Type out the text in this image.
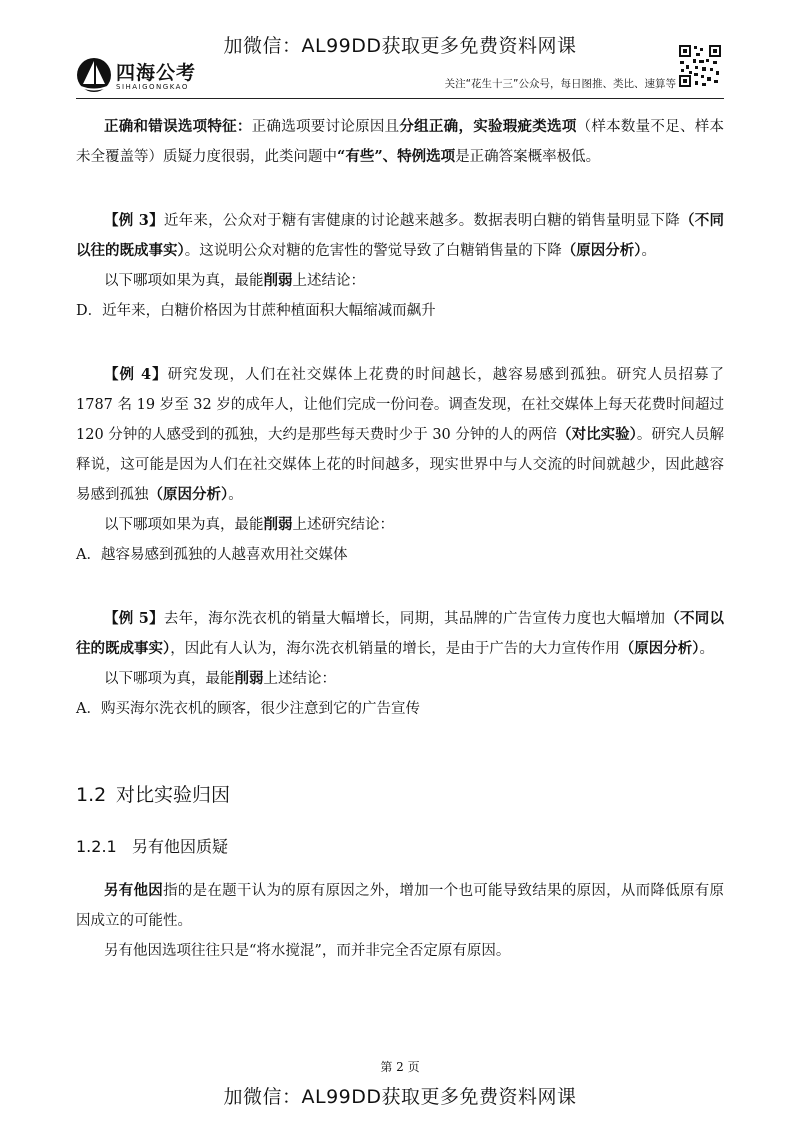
加微信：AL99DD获取更多免费资料网课
四海公考
SIHAIGONGKAO	关注“花生十三”公众号，每日图推、类比、速算等

正确和错误选项特征：正确选项要讨论原因且分组正确，实验瑕疵类选项（样本数量不足、样本未全覆盖等）质疑力度很弱，此类问题中“有些”、特例选项是正确答案概率极低。

【例 3】近年来，公众对于糖有害健康的讨论越来越多。数据表明白糖的销售量明显下降（不同以往的既成事实）。这说明公众对糖的危害性的警觉导致了白糖销售量的下降（原因分析）。

以下哪项如果为真，最能削弱上述结论：

D．近年来，白糖价格因为甘蔗种植面积大幅缩减而飙升

【例 4】研究发现，人们在社交媒体上花费的时间越长，越容易感到孤独。研究人员招募了 1787 名 19 岁至 32 岁的成年人，让他们完成一份问卷。调查发现，在社交媒体上每天花费时间超过 120 分钟的人感受到的孤独，大约是那些每天费时少于 30 分钟的人的两倍（对比实验）。研究人员解释说，这可能是因为人们在社交媒体上花的时间越多，现实世界中与人交流的时间就越少，因此越容易感到孤独（原因分析）。

以下哪项如果为真，最能削弱上述研究结论：

A．越容易感到孤独的人越喜欢用社交媒体

【例 5】去年，海尔洗衣机的销量大幅增长，同期，其品牌的广告宣传力度也大幅增加（不同以往的既成事实），因此有人认为，海尔洗衣机销量的增长，是由于广告的大力宣传作用（原因分析）。

以下哪项为真，最能削弱上述结论：

A．购买海尔洗衣机的顾客，很少注意到它的广告宣传

1.2 对比实验归因

1.2.1 另有他因质疑

另有他因指的是在题干认为的原有原因之外，增加一个也可能导致结果的原因，从而降低原有原因成立的可能性。

另有他因选项往往只是“将水搅混”，而并非完全否定原有原因。

第 2 页
加微信：AL99DD获取更多免费资料网课
